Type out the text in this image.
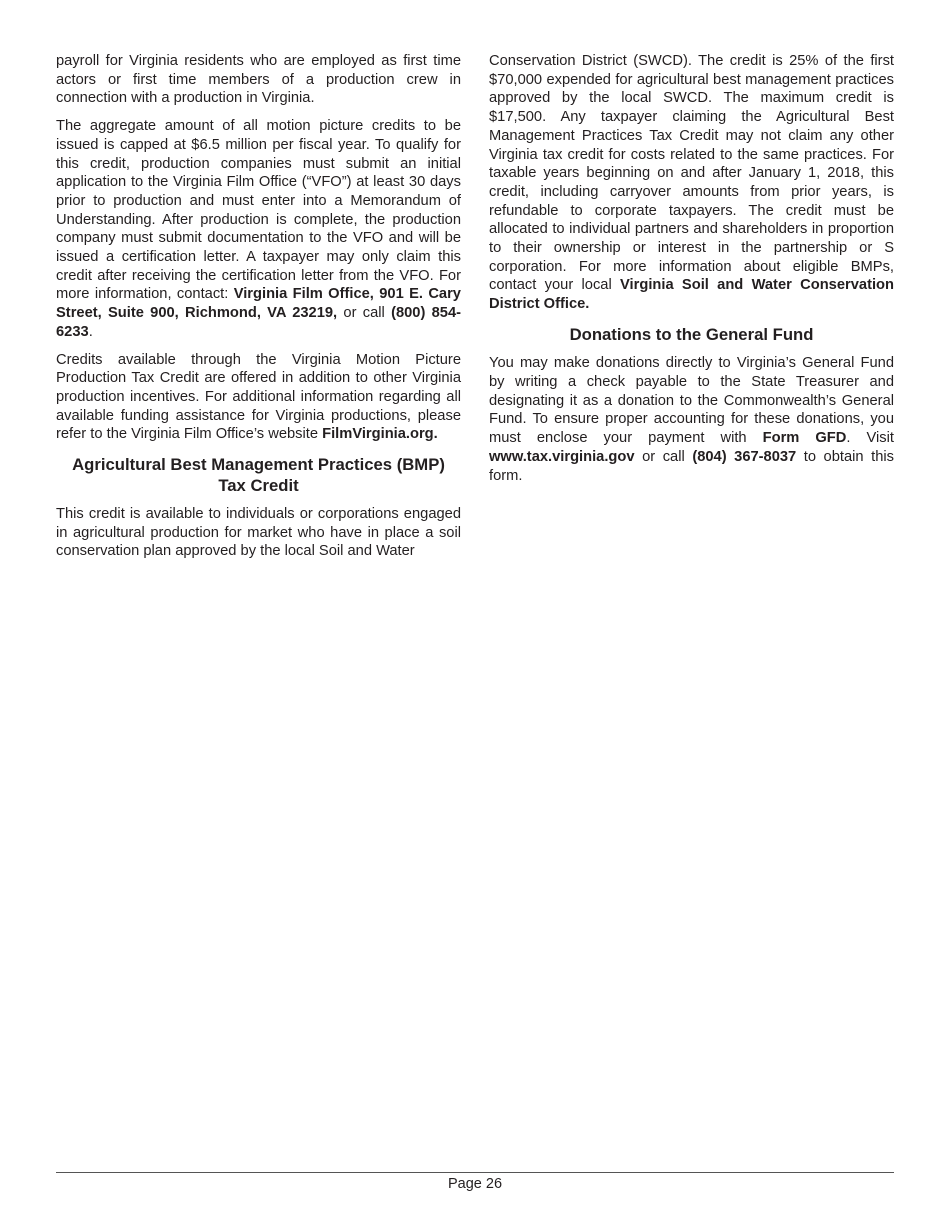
payroll for Virginia residents who are employed as first time actors or first time members of a production crew in connection with a production in Virginia.

The aggregate amount of all motion picture credits to be issued is capped at $6.5 million per fiscal year. To qualify for this credit, production companies must submit an initial application to the Virginia Film Office (“VFO”) at least 30 days prior to production and must enter into a Memorandum of Understanding. After production is complete, the production company must submit documentation to the VFO and will be issued a certification letter. A taxpayer may only claim this credit after receiving the certification letter from the VFO. For more information, contact: Virginia Film Office, 901 E. Cary Street, Suite 900, Richmond, VA 23219, or call (800) 854-6233.

Credits available through the Virginia Motion Picture Production Tax Credit are offered in addition to other Virginia production incentives. For additional information regarding all available funding assistance for Virginia productions, please refer to the Virginia Film Office’s website FilmVirginia.org.

Agricultural Best Management Practices (BMP)
Tax Credit

This credit is available to individuals or corporations engaged in agricultural production for market who have in place a soil conservation plan approved by the local Soil and Water

Conservation District (SWCD). The credit is 25% of the first $70,000 expended for agricultural best management practices approved by the local SWCD. The maximum credit is $17,500. Any taxpayer claiming the Agricultural Best Management Practices Tax Credit may not claim any other Virginia tax credit for costs related to the same practices. For taxable years beginning on and after January 1, 2018, this credit, including carryover amounts from prior years, is refundable to corporate taxpayers. The credit must be allocated to individual partners and shareholders in proportion to their ownership or interest in the partnership or S corporation. For more information about eligible BMPs, contact your local Virginia Soil and Water Conservation District Office.

Donations to the General Fund

You may make donations directly to Virginia’s General Fund by writing a check payable to the State Treasurer and designating it as a donation to the Commonwealth’s General Fund. To ensure proper accounting for these donations, you must enclose your payment with Form GFD. Visit www.tax.virginia.gov or call (804) 367-8037 to obtain this form.

Page 26
